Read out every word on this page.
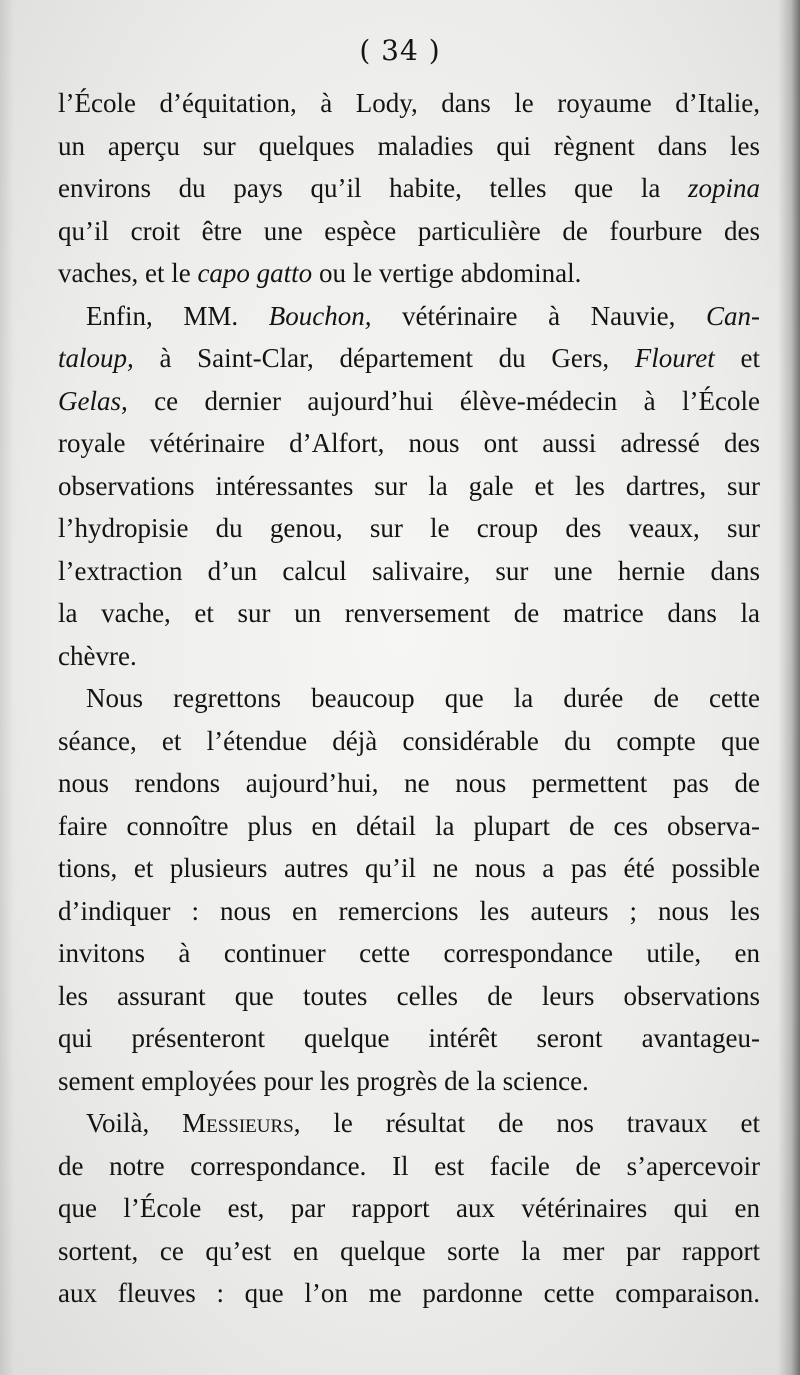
( 34 )
l’École d’équitation, à Lody, dans le royaume d’Italie,
un aperçu sur quelques maladies qui règnent dans les
environs du pays qu’il habite, telles que la zopina
qu’il croit être une espèce particulière de fourbure des
vaches, et le capo gatto ou le vertige abdominal.
Enfin, MM. Bouchon, vétérinaire à Nauvie, Can-
taloup, à Saint-Clar, département du Gers, Flouret et
Gelas, ce dernier aujourd’hui élève-médecin à l’École
royale vétérinaire d’Alfort, nous ont aussi adressé des
observations intéressantes sur la gale et les dartres, sur
l’hydropisie du genou, sur le croup des veaux, sur
l’extraction d’un calcul salivaire, sur une hernie dans
la vache, et sur un renversement de matrice dans la
chèvre.
Nous regrettons beaucoup que la durée de cette
séance, et l’étendue déjà considérable du compte que
nous rendons aujourd’hui, ne nous permettent pas de
faire connoître plus en détail la plupart de ces observa-
tions, et plusieurs autres qu’il ne nous a pas été possible
d’indiquer : nous en remercions les auteurs ; nous les
invitons à continuer cette correspondance utile, en
les assurant que toutes celles de leurs observations
qui présenteront quelque intérêt seront avantageu-
sement employées pour les progrès de la science.
Voilà, Messieurs, le résultat de nos travaux et
de notre correspondance. Il est facile de s’apercevoir
que l’École est, par rapport aux vétérinaires qui en
sortent, ce qu’est en quelque sorte la mer par rapport
aux fleuves : que l’on me pardonne cette comparaison.
